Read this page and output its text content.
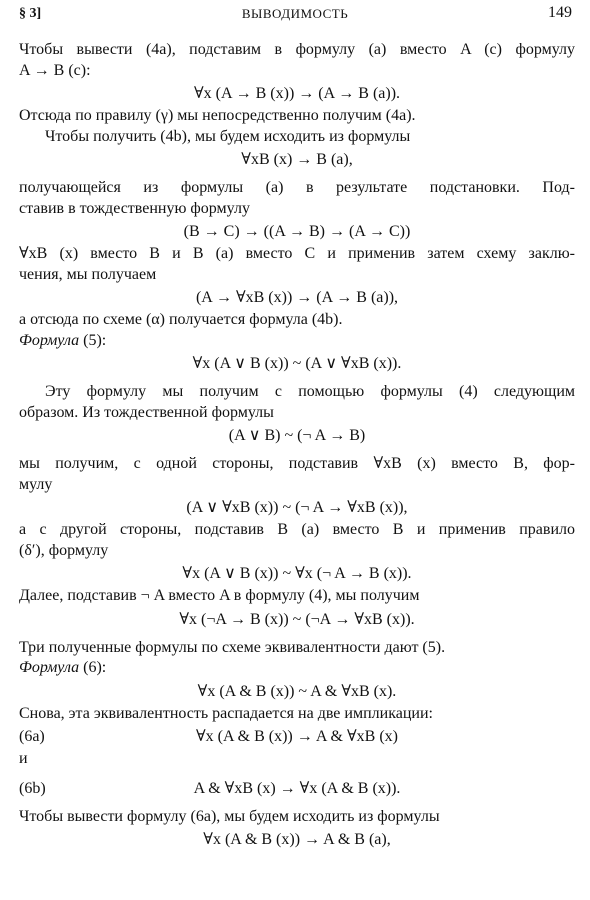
§ 3]	ВЫВОДИМОСТЬ	149
Чтобы вывести (4a), подставим в формулу (a) вместо A (c) формулу
A → B (c):
∀x (A → B (x)) → (A → B (a)).
Отсюда по правилу (γ) мы непосредственно получим (4a).
Чтобы получить (4b), мы будем исходить из формулы
∀xB (x) → B (a),
получающейся из формулы (a) в результате подстановки. Под-
ставив в тождественную формулу
(B → C) → ((A → B) → (A → C))
∀xB (x) вместо B и B (a) вместо C и применив затем схему заклю-
чения, мы получаем
(A → ∀xB (x)) → (A → B (a)),
а отсюда по схеме (α) получается формула (4b).
Формула (5):
∀x (A ∨ B (x)) ~ (A ∨ ∀xB (x)).
Эту формулу мы получим с помощью формулы (4) следующим
образом. Из тождественной формулы
(A ∨ B) ~ (¬ A → B)
мы получим, с одной стороны, подставив ∀xB (x) вместо B, фор-
мулу
(A ∨ ∀xB (x)) ~ (¬ A → ∀xB (x)),
а с другой стороны, подставив B (a) вместо B и применив правило
(δ′), формулу
∀x (A ∨ B (x)) ~ ∀x (¬ A → B (x)).
Далее, подставив ¬ A вместо A в формулу (4), мы получим
∀x (¬A → B (x)) ~ (¬A → ∀xB (x)).
Три полученные формулы по схеме эквивалентности дают (5).
Формула (6):
∀x (A & B (x)) ~ A & ∀xB (x).
Снова, эта эквивалентность распадается на две импликации:
∀x (A & B (x)) → A & ∀xB (x)
(6a)
и
A & ∀xB (x) → ∀x (A & B (x)).
(6b)
Чтобы вывести формулу (6a), мы будем исходить из формулы
∀x (A & B (x)) → A & B (a),
